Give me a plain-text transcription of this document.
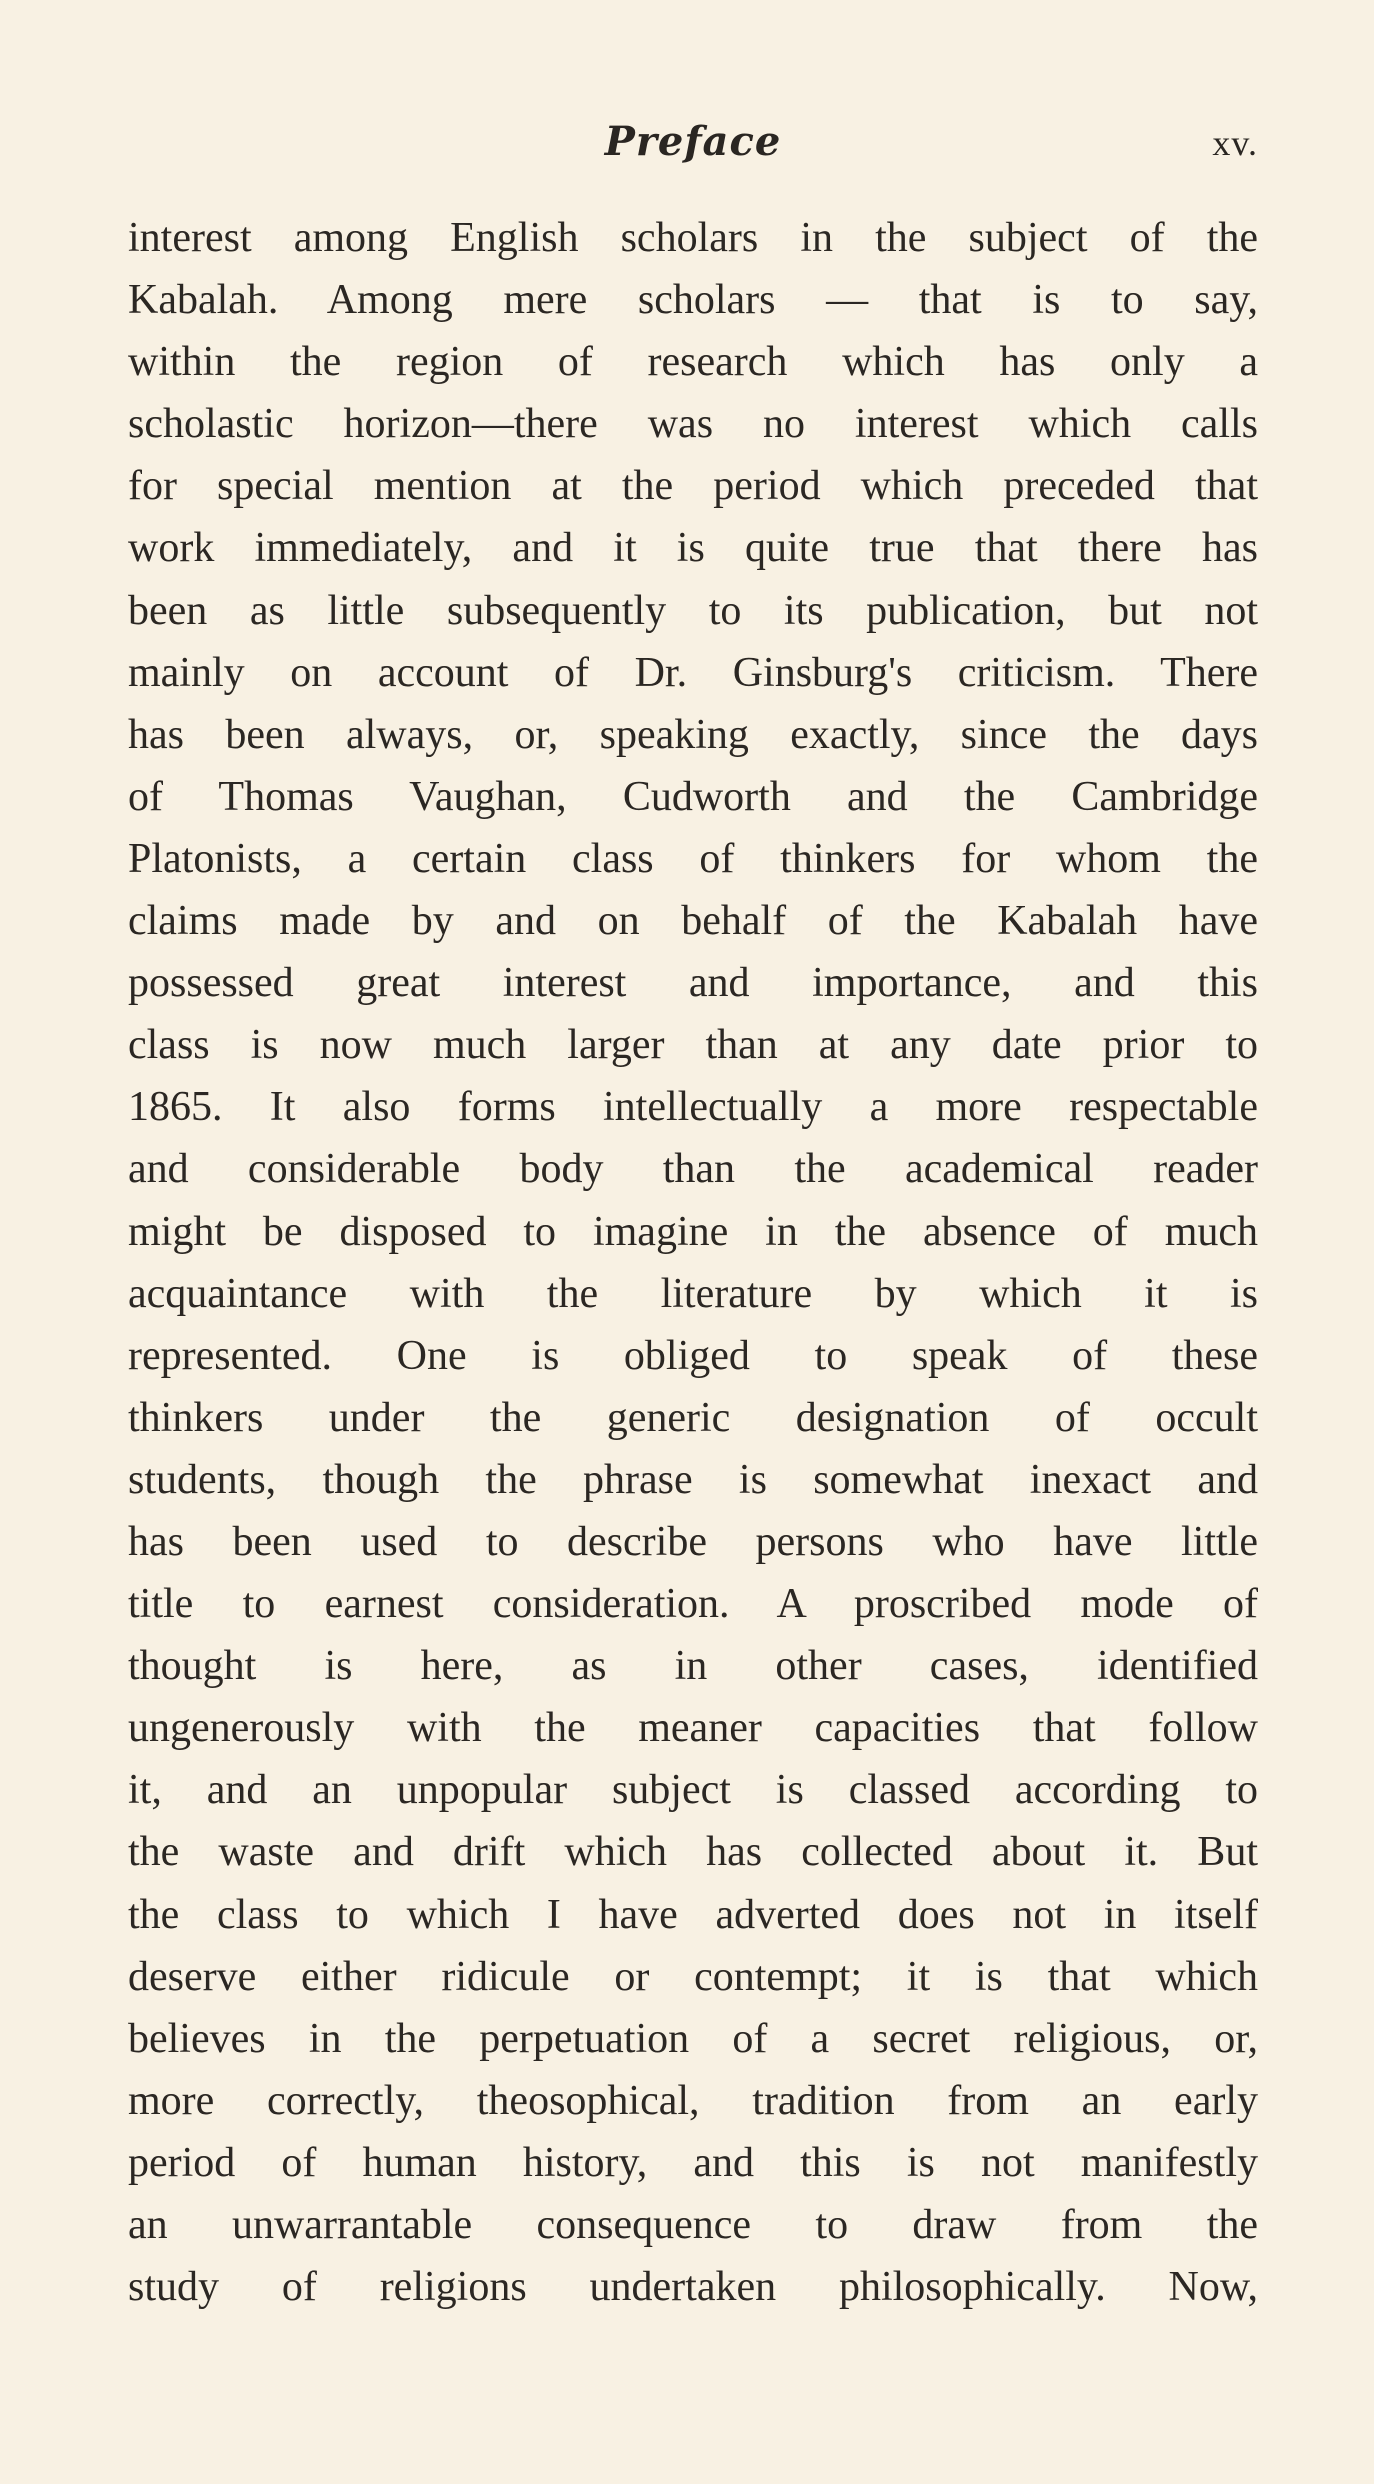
Preface	xv.
interest among English scholars in the subject of the
Kabalah. Among mere scholars — that is to say,
within the region of research which has only a
scholastic horizon—there was no interest which calls
for special mention at the period which preceded that
work immediately, and it is quite true that there has
been as little subsequently to its publication, but not
mainly on account of Dr. Ginsburg's criticism. There
has been always, or, speaking exactly, since the days
of Thomas Vaughan, Cudworth and the Cambridge
Platonists, a certain class of thinkers for whom the
claims made by and on behalf of the Kabalah have
possessed great interest and importance, and this
class is now much larger than at any date prior to
1865. It also forms intellectually a more respectable
and considerable body than the academical reader
might be disposed to imagine in the absence of much
acquaintance with the literature by which it is
represented. One is obliged to speak of these
thinkers under the generic designation of occult
students, though the phrase is somewhat inexact and
has been used to describe persons who have little
title to earnest consideration. A proscribed mode of
thought is here, as in other cases, identified
ungenerously with the meaner capacities that follow
it, and an unpopular subject is classed according to
the waste and drift which has collected about it. But
the class to which I have adverted does not in itself
deserve either ridicule or contempt; it is that which
believes in the perpetuation of a secret religious, or,
more correctly, theosophical, tradition from an early
period of human history, and this is not manifestly
an unwarrantable consequence to draw from the
study of religions undertaken philosophically. Now,
